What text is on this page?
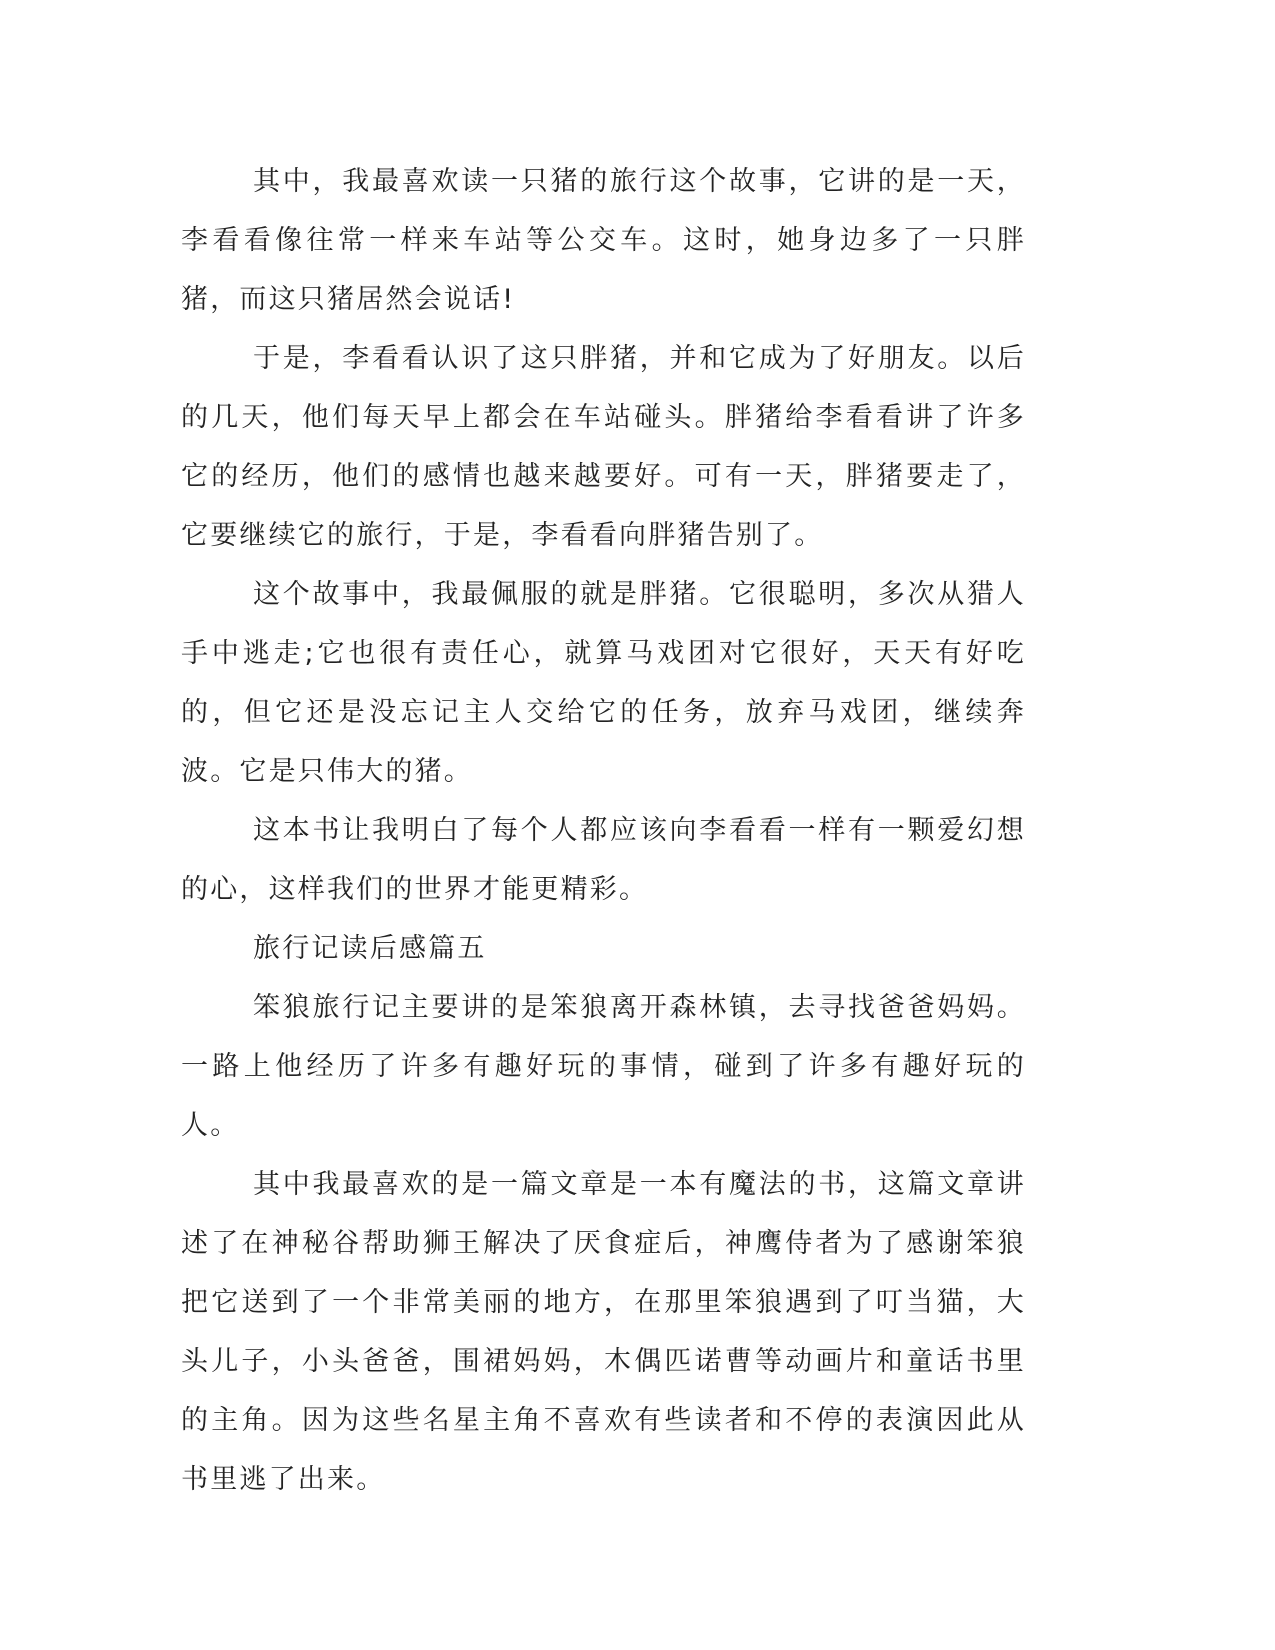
其中，我最喜欢读一只猪的旅行这个故事，它讲的是一天，李看看像往常一样来车站等公交车。这时，她身边多了一只胖猪，而这只猪居然会说话!

于是，李看看认识了这只胖猪，并和它成为了好朋友。以后的几天，他们每天早上都会在车站碰头。胖猪给李看看讲了许多它的经历，他们的感情也越来越要好。可有一天，胖猪要走了，它要继续它的旅行，于是，李看看向胖猪告别了。

这个故事中，我最佩服的就是胖猪。它很聪明，多次从猎人手中逃走;它也很有责任心，就算马戏团对它很好，天天有好吃的，但它还是没忘记主人交给它的任务，放弃马戏团，继续奔波。它是只伟大的猪。

这本书让我明白了每个人都应该向李看看一样有一颗爱幻想的心，这样我们的世界才能更精彩。

旅行记读后感篇五

笨狼旅行记主要讲的是笨狼离开森林镇，去寻找爸爸妈妈。一路上他经历了许多有趣好玩的事情，碰到了许多有趣好玩的人。

其中我最喜欢的是一篇文章是一本有魔法的书，这篇文章讲述了在神秘谷帮助狮王解决了厌食症后，神鹰侍者为了感谢笨狼把它送到了一个非常美丽的地方，在那里笨狼遇到了叮当猫，大头儿子，小头爸爸，围裙妈妈，木偶匹诺曹等动画片和童话书里的主角。因为这些名星主角不喜欢有些读者和不停的表演因此从书里逃了出来。
